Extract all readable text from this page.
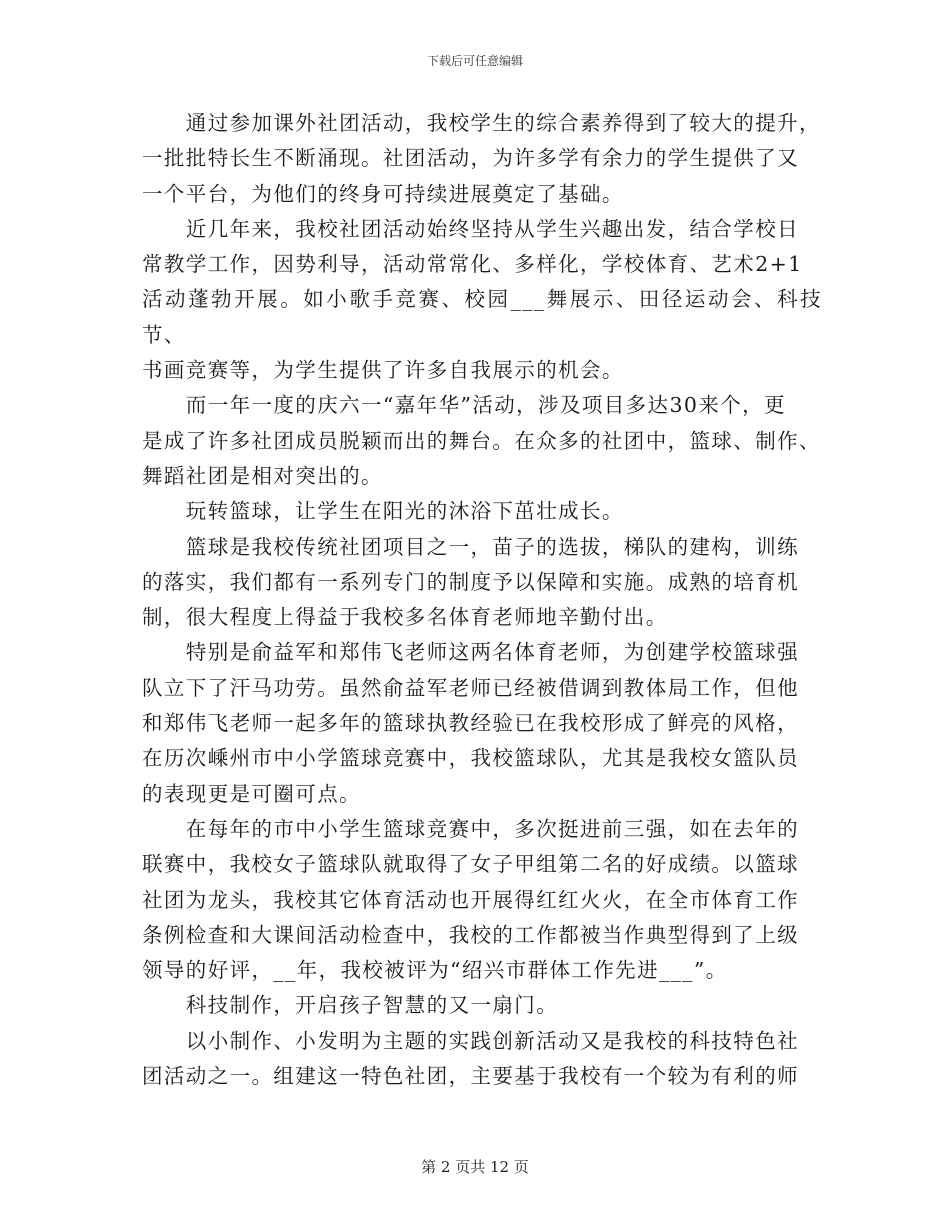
下载后可任意编辑

　　通过参加课外社团活动，我校学生的综合素养得到了较大的提升，
一批批特长生不断涌现。社团活动，为许多学有余力的学生提供了又
一个平台，为他们的终身可持续进展奠定了基础。

　　近几年来，我校社团活动始终坚持从学生兴趣出发，结合学校日
常教学工作，因势利导，活动常常化、多样化，学校体育、艺术2+1
活动蓬勃开展。如小歌手竞赛、校园___舞展示、田径运动会、科技节、
书画竞赛等，为学生提供了许多自我展示的机会。

　　而一年一度的庆六一“嘉年华”活动，涉及项目多达30来个，更
是成了许多社团成员脱颖而出的舞台。在众多的社团中，篮球、制作、
舞蹈社团是相对突出的。

　　玩转篮球，让学生在阳光的沐浴下茁壮成长。

　　篮球是我校传统社团项目之一，苗子的选拔，梯队的建构，训练
的落实，我们都有一系列专门的制度予以保障和实施。成熟的培育机
制，很大程度上得益于我校多名体育老师地辛勤付出。

　　特别是俞益军和郑伟飞老师这两名体育老师，为创建学校篮球强
队立下了汗马功劳。虽然俞益军老师已经被借调到教体局工作，但他
和郑伟飞老师一起多年的篮球执教经验已在我校形成了鲜亮的风格，
在历次嵊州市中小学篮球竞赛中，我校篮球队，尤其是我校女篮队员
的表现更是可圈可点。

　　在每年的市中小学生篮球竞赛中，多次挺进前三强，如在去年的
联赛中，我校女子篮球队就取得了女子甲组第二名的好成绩。以篮球
社团为龙头，我校其它体育活动也开展得红红火火，在全市体育工作
条例检查和大课间活动检查中，我校的工作都被当作典型得到了上级
领导的好评，__年，我校被评为“绍兴市群体工作先进___”。

　　科技制作，开启孩子智慧的又一扇门。

　　以小制作、小发明为主题的实践创新活动又是我校的科技特色社
团活动之一。组建这一特色社团，主要基于我校有一个较为有利的师

第 2 页共 12 页
